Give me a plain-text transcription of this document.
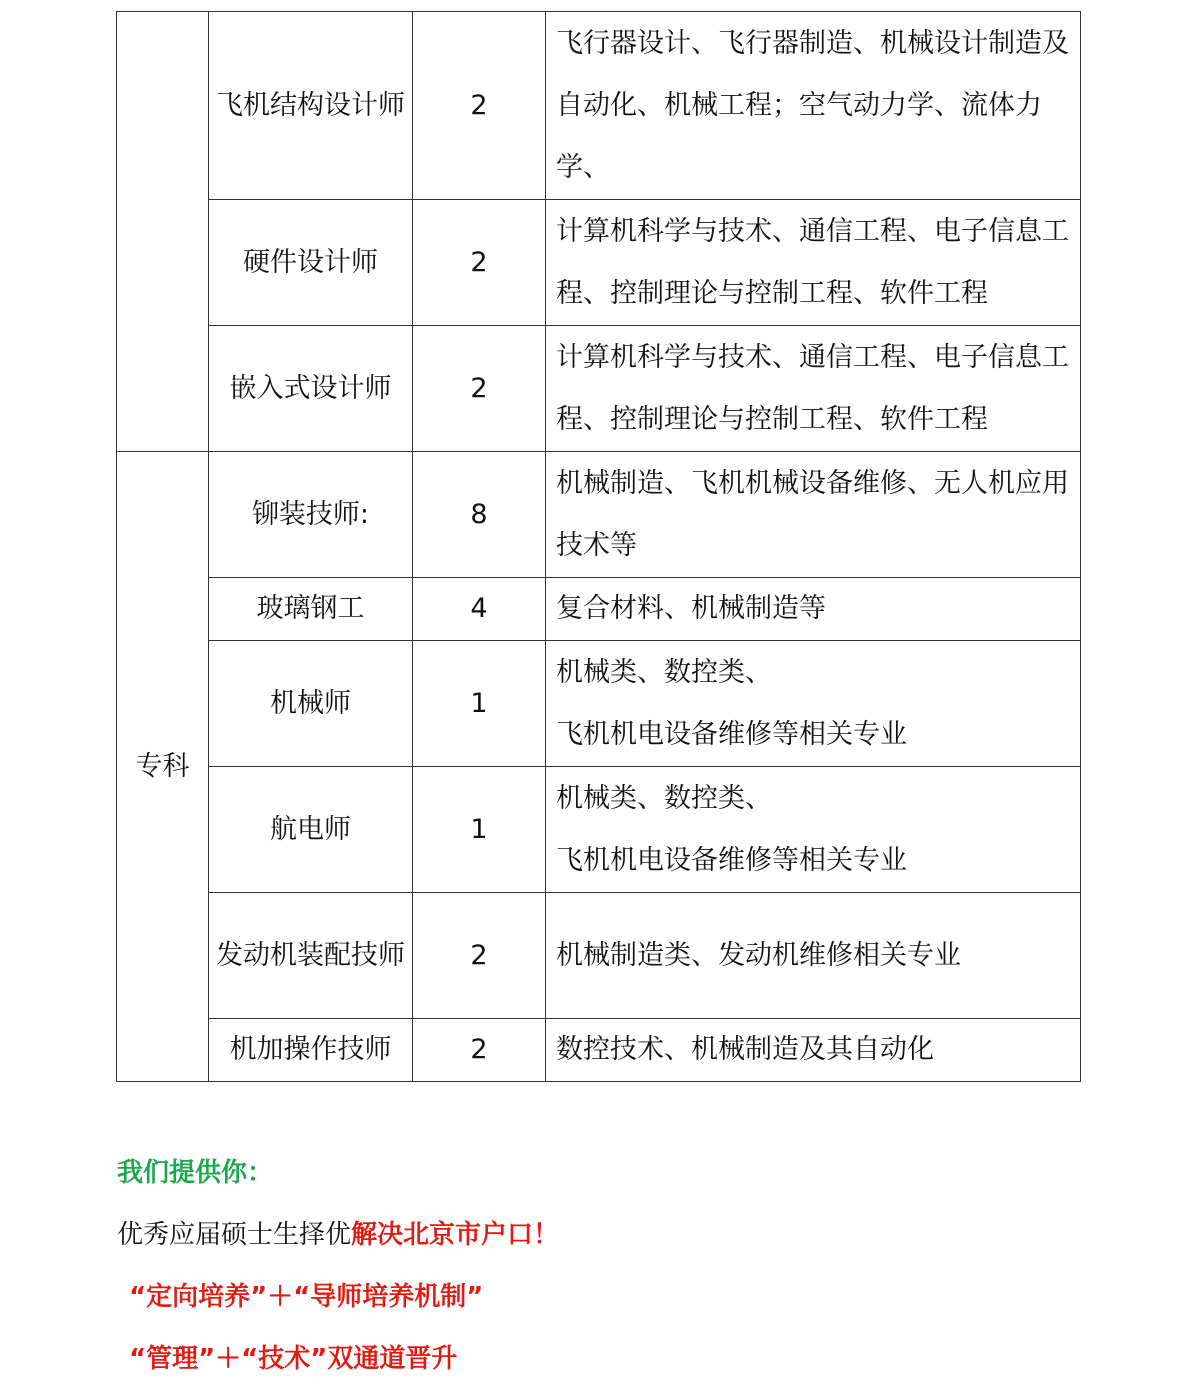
	飞机结构设计师	2	飞行器设计、飞行器制造、机械设计制造及自动化、机械工程；空气动力学、流体力学、
	硬件设计师	2	计算机科学与技术、通信工程、电子信息工程、控制理论与控制工程、软件工程
	嵌入式设计师	2	计算机科学与技术、通信工程、电子信息工程、控制理论与控制工程、软件工程
专科	铆装技师:	8	机械制造、飞机机械设备维修、无人机应用技术等
	玻璃钢工	4	复合材料、机械制造等
	机械师	1	机械类、数控类、
飞机机电设备维修等相关专业

	航电师	1	机械类、数控类、
飞机机电设备维修等相关专业

	发动机装配技师	2	机械制造类、发动机维修相关专业
	机加操作技师	2	数控技术、机械制造及其自动化
我们提供你：
优秀应届硕士生择优解决北京市户口！
“定向培养”＋“导师培养机制”
“管理”＋“技术”双通道晋升
